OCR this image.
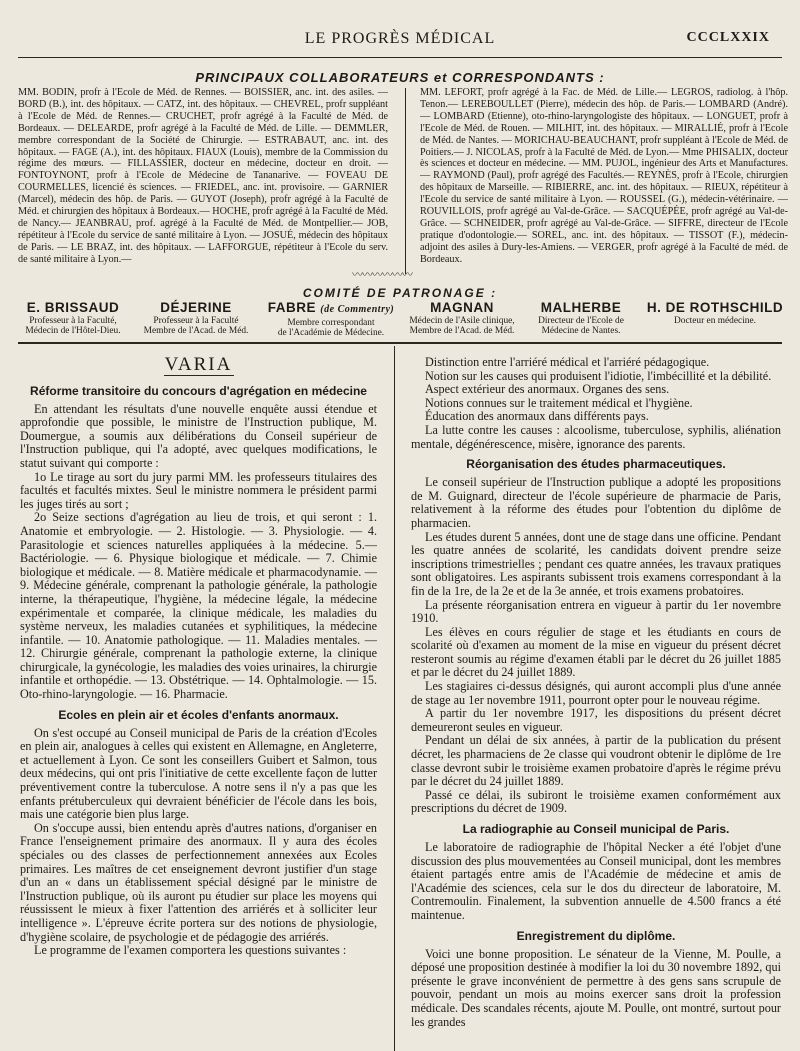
LE PROGRÈS MÉDICAL	CCCLXXIX
PRINCIPAUX COLLABORATEURS et CORRESPONDANTS :
MM. BODIN, profr à l'Ecole de Méd. de Rennes. — BOISSIER, anc. int. des asiles. — BORD (B.), int. des hôpitaux. — CATZ, int. des hôpitaux. — CHEVREL, profr suppléant à l'Ecole de Méd. de Rennes.— CRUCHET, profr agrégé à la Faculté de Méd. de Bordeaux. — DELEARDE, profr agrégé à la Faculté de Méd. de Lille. — DEMMLER, membre correspondant de la Société de Chirurgie. — ESTRABAUT, anc. int. des hôpitaux. — FAGE (A.), int. des hôpitaux. FIAUX (Louis), membre de la Commission du régime des mœurs. — FILLASSIER, docteur en médecine, docteur en droit. — FONTOYNONT, profr à l'Ecole de Médecine de Tananarive. — FOVEAU DE COURMELLES, licencié ès sciences. — FRIEDEL, anc. int. provisoire. — GARNIER (Marcel), médecin des hôp. de Paris. — GUYOT (Joseph), profr agrégé à la Faculté de Méd. et chirurgien des hôpitaux à Bordeaux.— HOCHE, profr agrégé à la Faculté de Méd. de Nancy.— JEANBRAU, prof. agrégé à la Faculté de Méd. de Montpellier.— JOB, répétiteur à l'Ecole du service de santé militaire à Lyon. — JOSUÉ, médecin des hôpitaux de Paris. — LE BRAZ, int. des hôpitaux. — LAFFORGUE, répétiteur à l'Ecole du serv. de santé militaire à Lyon.—
MM. LEFORT, profr agrégé à la Fac. de Méd. de Lille.— LEGROS, radiolog. à l'hôp. Tenon.— LEREBOULLET (Pierre), médecin des hôp. de Paris.— LOMBARD (André). — LOMBARD (Etienne), oto-rhino-laryngologiste des hôpitaux. — LONGUET, profr à l'Ecole de Méd. de Rouen. — MILHIT, int. des hôpitaux. — MIRALLIÉ, profr à l'Ecole de Méd. de Nantes. — MORICHAU-BEAUCHANT, profr suppléant à l'Ecole de Méd. de Poitiers.— J. NICOLAS, profr à la Faculté de Méd. de Lyon.— Mme PHISALIX, docteur ès sciences et docteur en médecine. — MM. PUJOL, ingénieur des Arts et Manufactures. — RAYMOND (Paul), profr agrégé des Facultés.— REYNÈS, profr à l'Ecole, chirurgien des hôpitaux de Marseille. — RIBIERRE, anc. int. des hôpitaux. — RIEUX, répétiteur à l'Ecole du service de santé militaire à Lyon. — ROUSSEL (G.), médecin-vétérinaire. — ROUVILLOIS, profr agrégé au Val-de-Grâce. — SACQUÉPÉE, profr agrégé au Val-de-Grâce. — SCHNEIDER, profr agrégé au Val-de-Grâce. — SIFFRE, directeur de l'Ecole pratique d'odontologie.— SOREL, anc. int. des hôpitaux. — TISSOT (F.), médecin-adjoint des asiles à Dury-les-Amiens. — VERGER, profr agrégé à la Faculté de méd. de Bordeaux.
〰〰〰〰〰〰
COMITÉ DE PATRONAGE :
E. BRISSAUD
Professeur à la Faculté,
Médecin de l'Hôtel-Dieu.
DÉJERINE
Professeur à la Faculté
Membre de l'Acad. de Méd.
FABRE (de Commentry)
Membre correspondant
de l'Académie de Médecine.
MAGNAN
Médecin de l'Asile clinique,
Membre de l'Acad. de Méd.
MALHERBE
Directeur de l'Ecole de
Médecine de Nantes.
H. DE ROTHSCHILD
Docteur en médecine.
VARIA
Réforme transitoire du concours d'agrégation en médecine

En attendant les résultats d'une nouvelle enquête aussi étendue et approfondie que possible, le ministre de l'Instruction publique, M. Doumergue, a soumis aux délibérations du Conseil supérieur de l'Instruction publique, qui l'a adopté, avec quelques modifications, le statut suivant qui comporte :

1o Le tirage au sort du jury parmi MM. les professeurs titulaires des facultés et facultés mixtes. Seul le ministre nommera le président parmi les juges tirés au sort ;

2o Seize sections d'agrégation au lieu de trois, et qui seront : 1. Anatomie et embryologie. — 2. Histologie. — 3. Physiologie. — 4. Parasitologie et sciences naturelles appliquées à la médecine. 5.— Bactériologie. — 6. Physique biologique et médicale. — 7. Chimie biologique et médicale. — 8. Matière médicale et pharmacodynamie. — 9. Médecine générale, comprenant la pathologie générale, la pathologie interne, la thérapeutique, l'hygiène, la médecine légale, la médecine expérimentale et comparée, la clinique médicale, les maladies du système nerveux, les maladies cutanées et syphilitiques, la médecine infantile. — 10. Anatomie pathologique. — 11. Maladies mentales. — 12. Chirurgie générale, comprenant la pathologie externe, la clinique chirurgicale, la gynécologie, les maladies des voies urinaires, la chirurgie infantile et orthopédie. — 13. Obstétrique. — 14. Ophtalmologie. — 15. Oto-rhino-laryngologie. — 16. Pharmacie.

Ecoles en plein air et écoles d'enfants anormaux.

On s'est occupé au Conseil municipal de Paris de la création d'Ecoles en plein air, analogues à celles qui existent en Allemagne, en Angleterre, et actuellement à Lyon. Ce sont les conseillers Guibert et Salmon, tous deux médecins, qui ont pris l'initiative de cette excellente façon de lutter préventivement contre la tuberculose. A notre sens il n'y a pas que les enfants prétuberculeux qui devraient bénéficier de l'école dans les bois, mais une catégorie bien plus large.

On s'occupe aussi, bien entendu après d'autres nations, d'organiser en France l'enseignement primaire des anormaux. Il y aura des écoles spéciales ou des classes de perfectionnement annexées aux Ecoles primaires. Les maîtres de cet enseignement devront justifier d'un stage d'un an « dans un établissement spécial désigné par le ministre de l'Instruction publique, où ils auront pu étudier sur place les moyens qui réussissent le mieux à fixer l'attention des arriérés et à solliciter leur intelligence ». L'épreuve écrite portera sur des notions de physiologie, d'hygiène scolaire, de psychologie et de pédagogie des arriérés.

Le programme de l'examen comportera les questions suivantes :

Distinction entre l'arriéré médical et l'arriéré pédagogique.

Notion sur les causes qui produisent l'idiotie, l'imbécillité et la débilité.

Aspect extérieur des anormaux. Organes des sens.

Notions connues sur le traitement médical et l'hygiène.

Éducation des anormaux dans différents pays.

La lutte contre les causes : alcoolisme, tuberculose, syphilis, aliénation mentale, dégénérescence, misère, ignorance des parents.

Réorganisation des études pharmaceutiques.

Le conseil supérieur de l'Instruction publique a adopté les propositions de M. Guignard, directeur de l'école supérieure de pharmacie de Paris, relativement à la réforme des études pour l'obtention du diplôme de pharmacien.

Les études durent 5 années, dont une de stage dans une officine. Pendant les quatre années de scolarité, les candidats doivent prendre seize inscriptions trimestrielles ; pendant ces quatre années, les travaux pratiques sont obligatoires. Les aspirants subissent trois examens correspondant à la fin de la 1re, de la 2e et de la 3e année, et trois examens probatoires.

La présente réorganisation entrera en vigueur à partir du 1er novembre 1910.

Les élèves en cours régulier de stage et les étudiants en cours de scolarité où d'examen au moment de la mise en vigueur du présent décret resteront soumis au régime d'examen établi par le décret du 26 juillet 1885 et par le décret du 24 juillet 1889.

Les stagiaires ci-dessus désignés, qui auront accompli plus d'une année de stage au 1er novembre 1911, pourront opter pour le nouveau régime.

A partir du 1er novembre 1917, les dispositions du présent décret demeureront seules en vigueur.

Pendant un délai de six années, à partir de la publication du présent décret, les pharmaciens de 2e classe qui voudront obtenir le diplôme de 1re classe devront subir le troisième examen probatoire d'après le régime prévu par le décret du 24 juillet 1889.

Passé ce délai, ils subiront le troisième examen conformément aux prescriptions du décret de 1909.

La radiographie au Conseil municipal de Paris.

Le laboratoire de radiographie de l'hôpital Necker a été l'objet d'une discussion des plus mouvementées au Conseil municipal, dont les membres étaient partagés entre amis de l'Académie de médecine et amis de l'Académie des sciences, cela sur le dos du directeur de laboratoire, M. Contremoulin. Finalement, la subvention annuelle de 4.500 francs a été maintenue.

Enregistrement du diplôme.

Voici une bonne proposition. Le sénateur de la Vienne, M. Poulle, a déposé une proposition destinée à modifier la loi du 30 novembre 1892, qui présente le grave inconvénient de permettre à des gens sans scrupule de pouvoir, pendant un mois au moins exercer sans droit la profession médicale. Des scandales récents, ajoute M. Poulle, ont montré, surtout pour les grandes
